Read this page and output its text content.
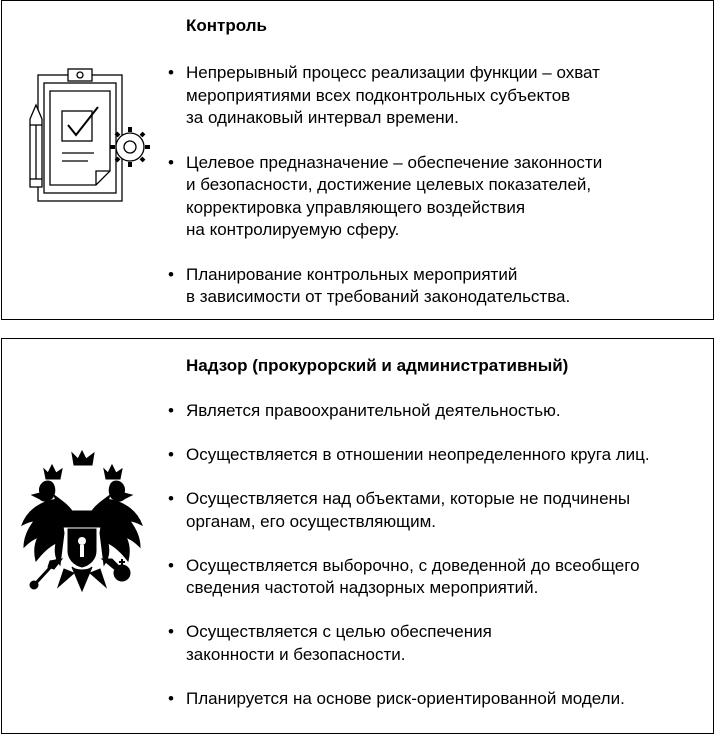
Контроль
• Непрерывный процесс реализации функции – охват
мероприятиями всех подконтрольных субъектов
за одинаковый интервал времени.
• Целевое предназначение – обеспечение законности
и безопасности, достижение целевых показателей,
корректировка управляющего воздействия
на контролируемую сферу.
• Планирование контрольных мероприятий
в зависимости от требований законодательства.
Надзор (прокурорский и административный)
• Является правоохранительной деятельностью.
• Осуществляется в отношении неопределенного круга лиц.
• Осуществляется над объектами, которые не подчинены
органам, его осуществляющим.
• Осуществляется выборочно, с доведенной до всеобщего
сведения частотой надзорных мероприятий.
• Осуществляется с целью обеспечения
законности и безопасности.
• Планируется на основе риск-ориентированной модели.
